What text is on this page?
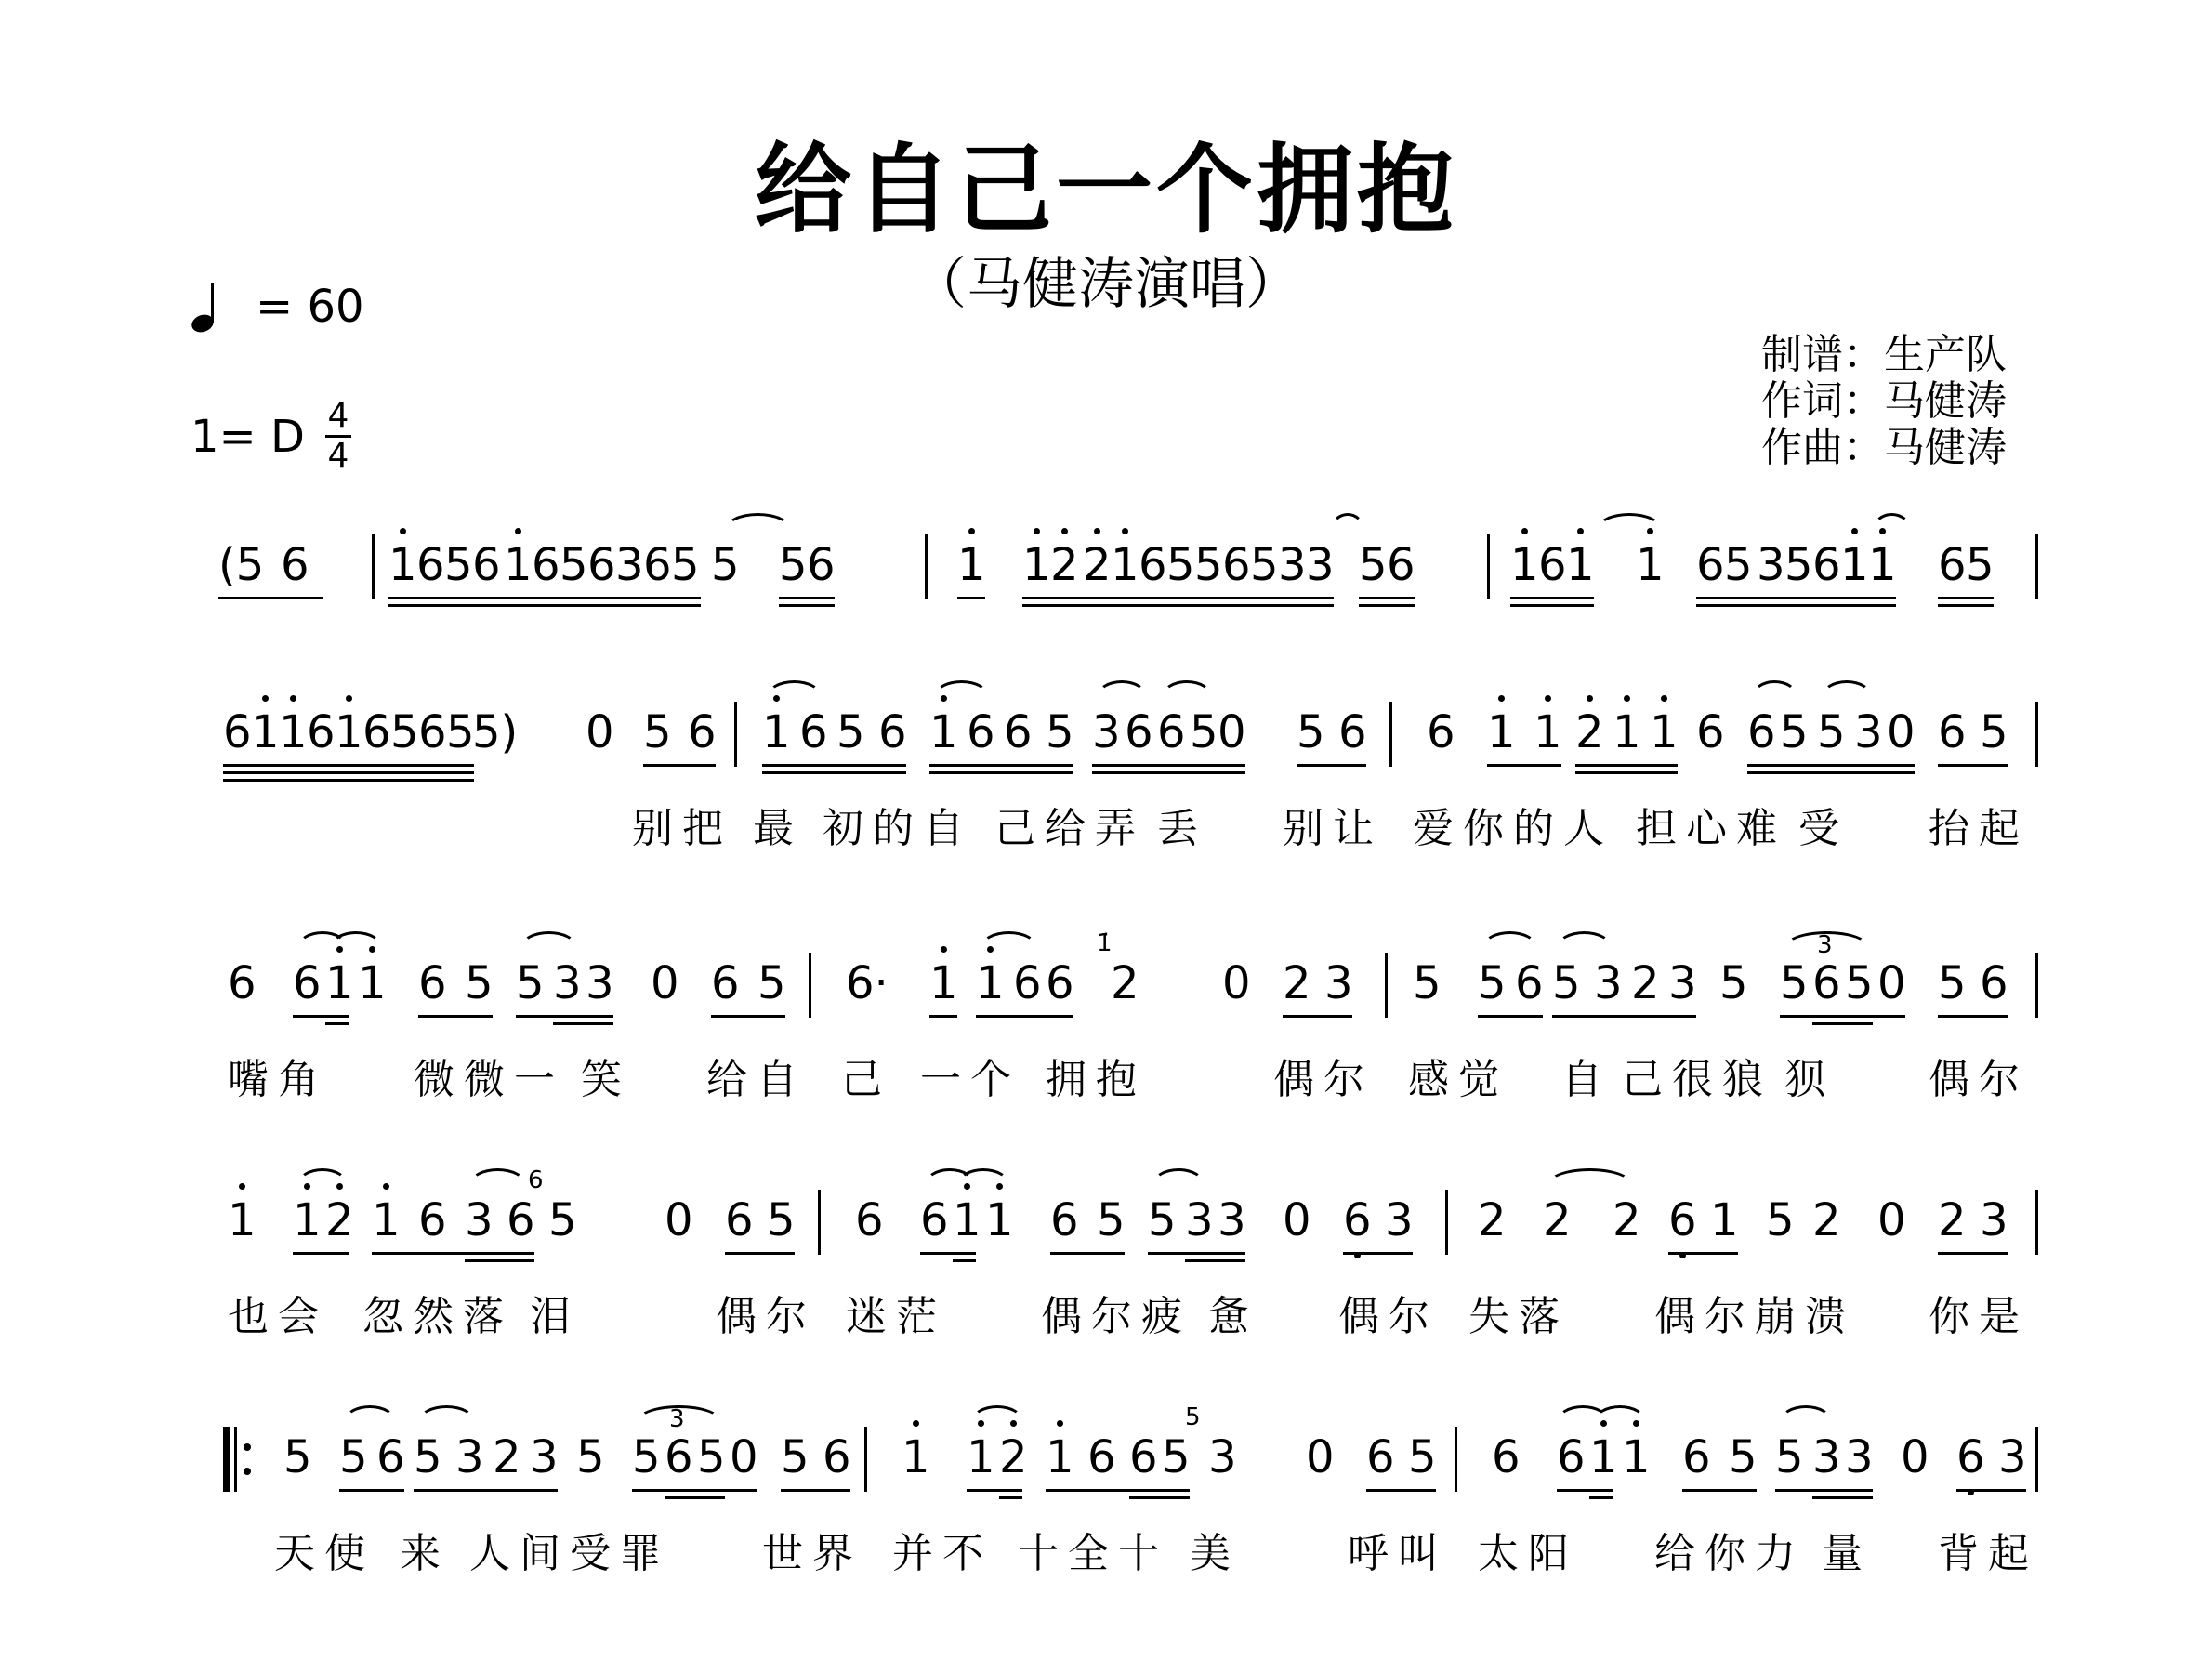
给自己一个拥抱
（马健涛演唱）
= 60
1= D $\frac{4}{4}$
制谱：生产队
作词：马健涛
作曲：马健涛
(5 6 1 6 5 6 1 6 5 6 3 6 5 5 5 6	1 1 2 2 1 6 5 5 6 5 3 3 5 6 1 6 1 1 6 5 3 5 6 1 1 6 5
6 1 1 6 1 6 5 6 5
5) 0 5 6 1 6 5 6 1 6 6 5 3 6 6 5 0 5 6 6 1 1 2 1 1 6 6 5 5 3 0 6 5
别把 最 初的自 己给弄 丢 别让 爱你的人 担心难 受 抬起
6 6 1 1 6 5 5 3 3 0 6 5 6· 1 1 6 6 2 0 2 3 5 5 6 5 3 2 3 5 5 6 5 0 5 6
1̇	3
嘴角 微微一 笑 给自 己 一个 拥抱	偶尔 感觉 自 己很狼 狈 偶尔
1 1 2 1 6 3 6 5 0 6 5 6 6 1 1 6 5 5 3 3 0 6 3 2 2 2 6 1 5 2 0 2 3
6
也会 忽然落 泪	偶尔 迷茫 偶尔疲 惫 偶尔 失落 偶尔崩溃 你是
5 5 6 5 3 2 3 5 5 6 5 0 5 6 1 1 2 1 6 6 5 3 0 6 5 6 6 1 1 6 5 5 3 3 0 6 3
3	5
天使 来 人间受罪 世界 并不 十全十 美	呼叫 太阳 给你力 量 背起
